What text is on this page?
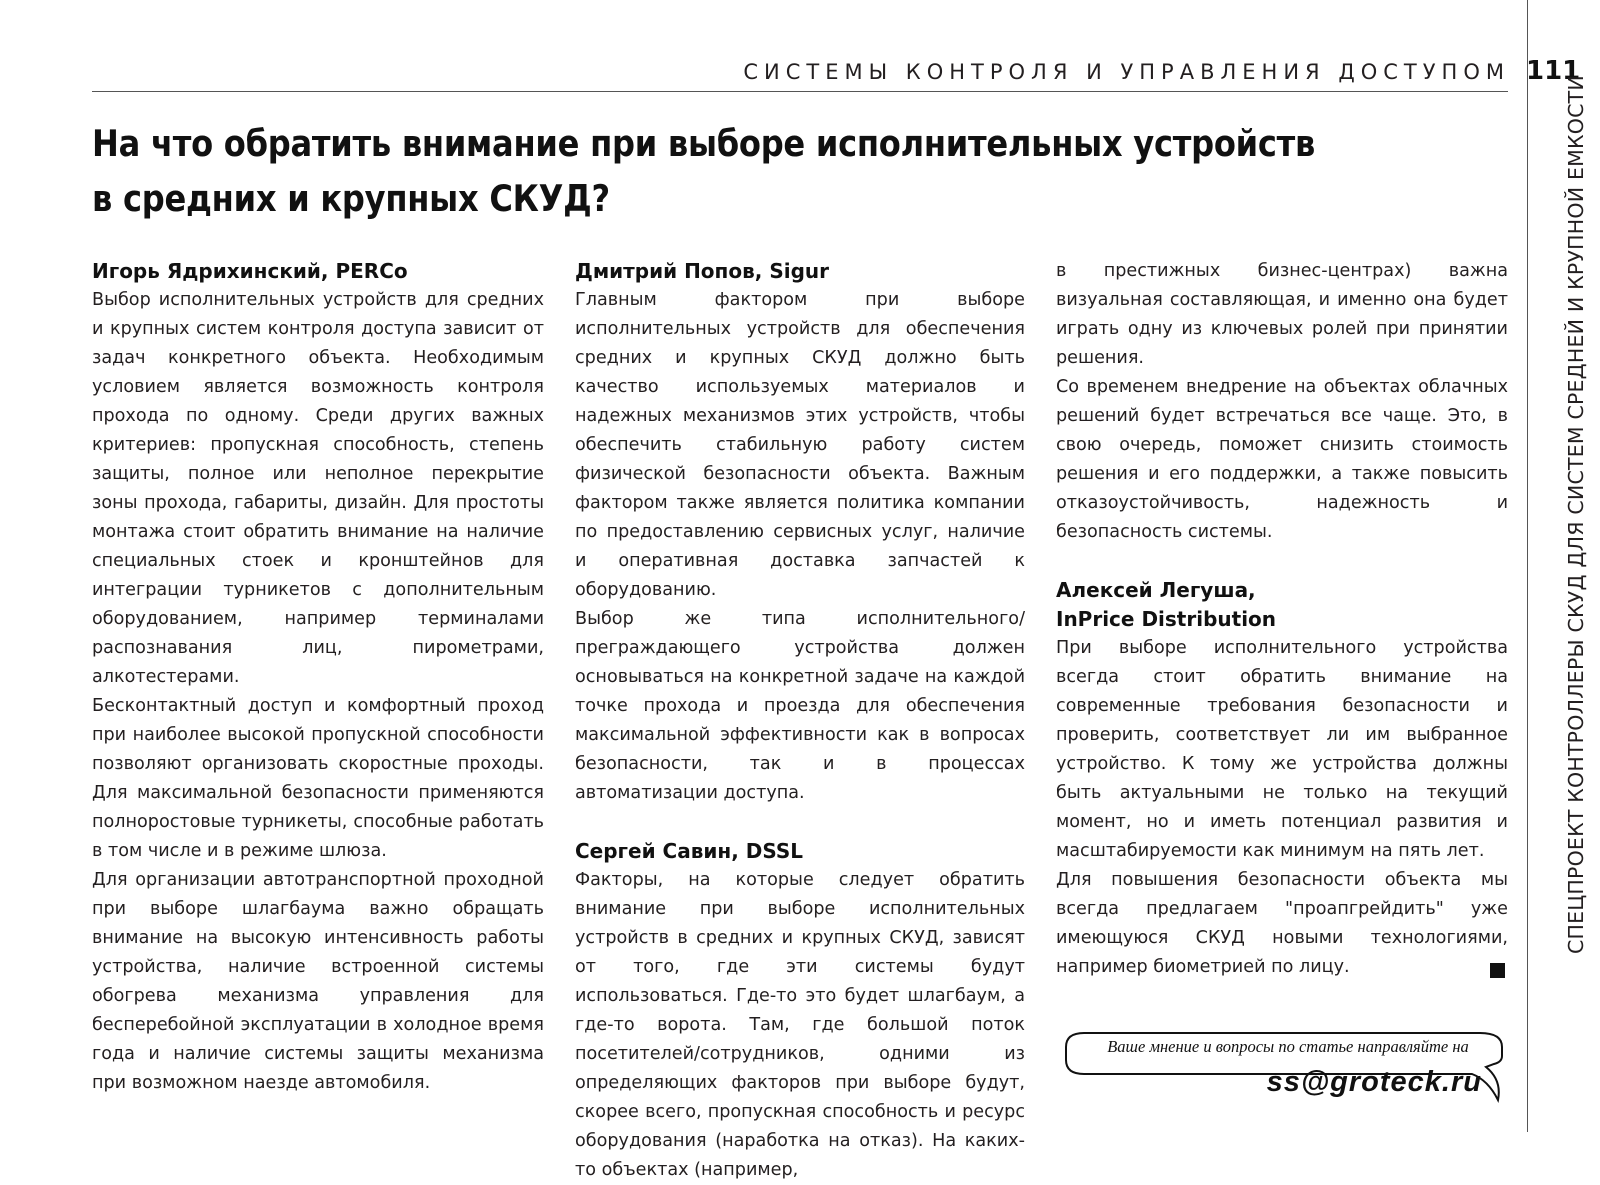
СИСТЕМЫ КОНТРОЛЯ И УПРАВЛЕНИЯ ДОСТУПОМ 111
СПЕЦПРОЕКТ КОНТРОЛЛЕРЫ СКУД ДЛЯ СИСТЕМ СРЕДНЕЙ И КРУПНОЙ ЕМКОСТИ
На что обратить внимание при выборе исполнительных устройств
в средних и крупных СКУД?

Игорь Ядрихинский, PERCo

Выбор исполнительных устройств для средних и крупных систем контроля доступа зависит от задач конкретного объекта. Необходимым условием является возможность контроля прохода по одному. Среди других важных критериев: пропускная способность, степень защиты, полное или неполное перекрытие зоны прохода, габариты, дизайн. Для простоты монтажа стоит обратить внимание на наличие специальных стоек и кронштейнов для интеграции турникетов с дополнительным оборудованием, например терминалами распознавания лиц, пирометрами, алкотестерами.

Бесконтактный доступ и комфортный проход при наиболее высокой пропускной способности позволяют организовать скоростные проходы. Для максимальной безопасности применяются полноростовые турникеты, способные работать в том числе и в режиме шлюза.

Для организации автотранспортной проходной при выборе шлагбаума важно обращать внимание на высокую интенсивность работы устройства, наличие встроенной системы обогрева механизма управления для бесперебойной эксплуатации в холодное время года и наличие системы защиты механизма при возможном наезде автомобиля.

Дмитрий Попов, Sigur

Главным фактором при выборе исполнительных устройств для обеспечения средних и крупных СКУД должно быть качество используемых материалов и надежных механизмов этих устройств, чтобы обеспечить стабильную работу систем физической безопасности объекта. Важным фактором также является политика компании по предоставлению сервисных услуг, наличие и оперативная доставка запчастей к оборудованию.

Выбор же типа исполнительного/преграждающего устройства должен основываться на конкретной задаче на каждой точке прохода и проезда для обеспечения максимальной эффективности как в вопросах безопасности, так и в процессах автоматизации доступа.

Сергей Савин, DSSL

Факторы, на которые следует обратить внимание при выборе исполнительных устройств в средних и крупных СКУД, зависят от того, где эти системы будут использоваться. Где-то это будет шлагбаум, а где-то ворота. Там, где большой поток посетителей/сотрудников, одними из определяющих факторов при выборе будут, скорее всего, пропускная способность и ресурс оборудования (наработка на отказ). На каких-то объектах (например,

в престижных бизнес-центрах) важна визуальная составляющая, и именно она будет играть одну из ключевых ролей при принятии решения.

Со временем внедрение на объектах облачных решений будет встречаться все чаще. Это, в свою очередь, поможет снизить стоимость решения и его поддержки, а также повысить отказоустойчивость, надежность и безопасность системы.

Алексей Легуша,
InPrice Distribution

При выборе исполнительного устройства всегда стоит обратить внимание на современные требования безопасности и проверить, соответствует ли им выбранное устройство. К тому же устройства должны быть актуальными не только на текущий момент, но и иметь потенциал развития и масштабируемости как минимум на пять лет.

Для повышения безопасности объекта мы всегда предлагаем "проапгрейдить" уже имеющуюся СКУД новыми технологиями, например биометрией по лицу.

Ваше мнение и вопросы по статье направляйте на
ss@groteck.ru
